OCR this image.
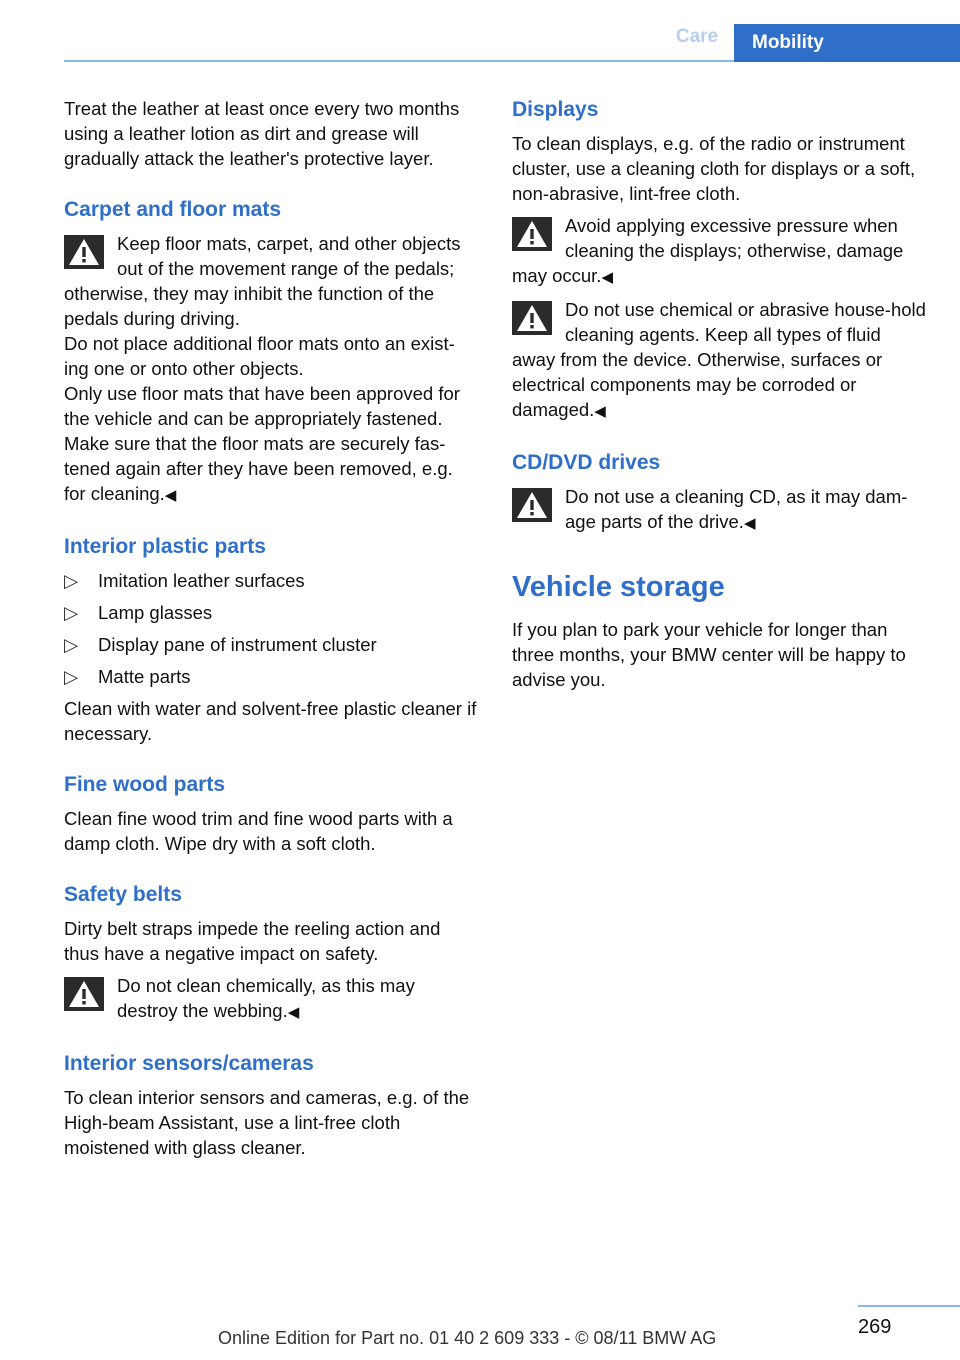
Care	Mobility

Treat the leather at least once every two months using a leather lotion as dirt and grease will gradually attack the leather's protective layer.

Carpet and floor mats
Keep floor mats, carpet, and other objects out of the movement range of the pedals; otherwise, they may inhibit the function of the pedals during driving.
Do not place additional floor mats onto an exist-ing one or onto other objects.
Only use floor mats that have been approved for the vehicle and can be appropriately fastened.
Make sure that the floor mats are securely fas-tened again after they have been removed, e.g. for cleaning.◀
Interior plastic parts
▷ Imitation leather surfaces
▷ Lamp glasses
▷ Display pane of instrument cluster
▷ Matte parts

Clean with water and solvent-free plastic cleaner if necessary.

Fine wood parts

Clean fine wood trim and fine wood parts with a damp cloth. Wipe dry with a soft cloth.

Safety belts

Dirty belt straps impede the reeling action and thus have a negative impact on safety.

Do not clean chemically, as this may destroy the webbing.◀
Interior sensors/cameras

To clean interior sensors and cameras, e.g. of the High-beam Assistant, use a lint-free cloth moistened with glass cleaner.

Displays

To clean displays, e.g. of the radio or instrument cluster, use a cleaning cloth for displays or a soft, non-abrasive, lint-free cloth.

Avoid applying excessive pressure when cleaning the displays; otherwise, damage may occur.◀
Do not use chemical or abrasive house-hold cleaning agents. Keep all types of fluid away from the device. Otherwise, surfaces or electrical components may be corroded or damaged.◀
CD/DVD drives
Do not use a cleaning CD, as it may dam-age parts of the drive.◀
Vehicle storage

If you plan to park your vehicle for longer than three months, your BMW center will be happy to advise you.

269
Online Edition for Part no. 01 40 2 609 333 - © 08/11 BMW AG
